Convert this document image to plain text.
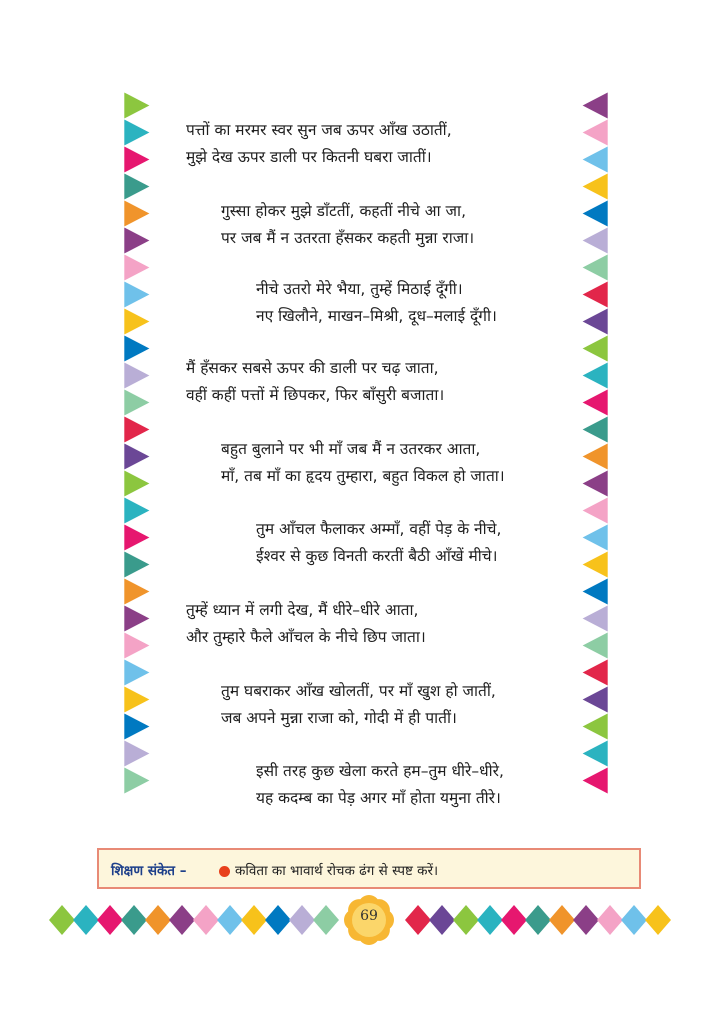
पत्तों का मरमर स्वर सुन जब ऊपर आँख उठातीं,
मुझे देख ऊपर डाली पर कितनी घबरा जातीं।
गुस्सा होकर मुझे डाँटतीं, कहतीं नीचे आ जा,
पर जब मैं न उतरता हँसकर कहती मुन्ना राजा।
नीचे उतरो मेरे भैया, तुम्हें मिठाई दूँगी।
नए खिलौने, माखन–मिश्री, दूध–मलाई दूँगी।
मैं हँसकर सबसे ऊपर की डाली पर चढ़ जाता,
वहीं कहीं पत्तों में छिपकर, फिर बाँसुरी बजाता।
बहुत बुलाने पर भी माँ जब मैं न उतरकर आता,
माँ, तब माँ का हृदय तुम्हारा, बहुत विकल हो जाता।
तुम आँचल फैलाकर अम्माँ, वहीं पेड़ के नीचे,
ईश्वर से कुछ विनती करतीं बैठी आँखें मीचे।
तुम्हें ध्यान में लगी देख, मैं धीरे–धीरे आता,
और तुम्हारे फैले आँचल के नीचे छिप जाता।
तुम घबराकर आँख खोलतीं, पर माँ खुश हो जातीं,
जब अपने मुन्ना राजा को, गोदी में ही पातीं।
इसी तरह कुछ खेला करते हम–तुम धीरे–धीरे,
यह कदम्ब का पेड़ अगर माँ होता यमुना तीरे।
शिक्षण संकेत –	कविता का भावार्थ रोचक ढंग से स्पष्ट करें।
69
